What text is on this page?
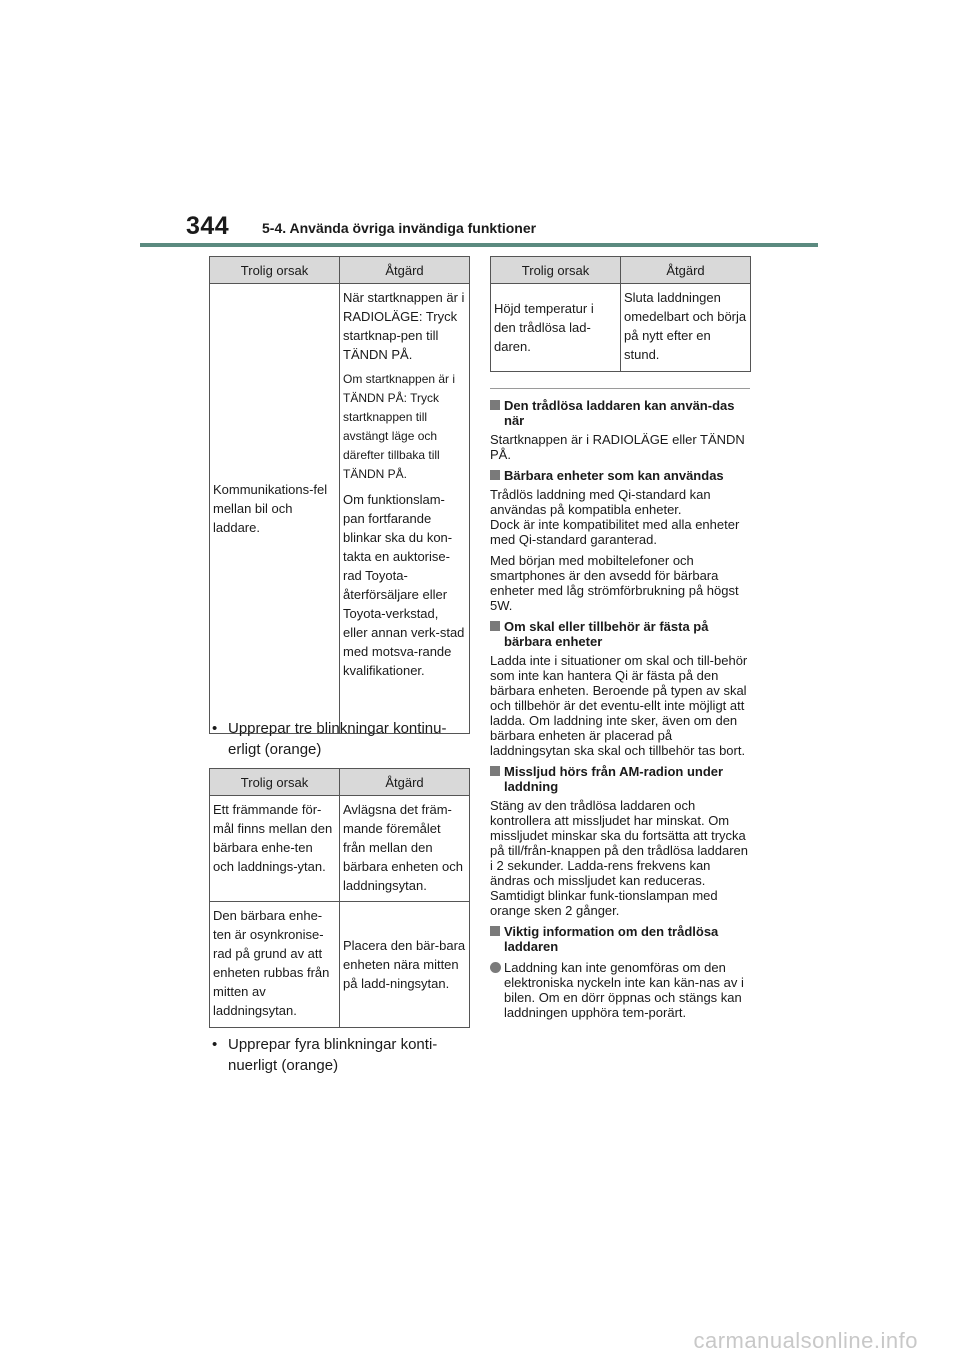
344 5-4. Använda övriga invändiga funktioner
Trolig orsak	Åtgärd
Kommunikations-fel mellan bil och laddare.	När startknappen är i RADIOLÄGE: Tryck startknap-pen till TÄNDN PÅ.
Om startknappen är i TÄNDN PÅ: Tryck startknappen till avstängt läge och därefter tillbaka till TÄNDN PÅ.
Om funktionslam-pan fortfarande blinkar ska du kon-takta en auktorise-rad Toyota-återförsäljare eller Toyota-verkstad, eller annan verk-stad med motsva-rande kvalifikationer.
• Upprepar tre blinkningar kontinu-erligt (orange)
Trolig orsak	Åtgärd
Ett främmande för-mål finns mellan den bärbara enhe-ten och laddnings-ytan.	Avlägsna det främ-mande föremålet från mellan den bärbara enheten och laddningsytan.
Den bärbara enhe-ten är osynkronise-rad på grund av att enheten rubbas från mitten av laddningsytan.	Placera den bär-bara enheten nära mitten på ladd-ningsytan.
• Upprepar fyra blinkningar konti-nuerligt (orange)
Trolig orsak	Åtgärd
Höjd temperatur i den trådlösa lad-daren.	Sluta laddningen omedelbart och börja på nytt efter en stund.
Den trådlösa laddaren kan använ-das när
Startknappen är i RADIOLÄGE eller TÄNDN PÅ.
Bärbara enheter som kan användas
Trådlös laddning med Qi-standard kan användas på kompatibla enheter.
Dock är inte kompatibilitet med alla enheter med Qi-standard garanterad.
Med början med mobiltelefoner och smartphones är den avsedd för bärbara enheter med låg strömförbrukning på högst 5W.
Om skal eller tillbehör är fästa på bärbara enheter
Ladda inte i situationer om skal och till-behör som inte kan hantera Qi är fästa på den bärbara enheten. Beroende på typen av skal och tillbehör är det eventu-ellt inte möjligt att ladda. Om laddning inte sker, även om den bärbara enheten är placerad på laddningsytan ska skal och tillbehör tas bort.
Missljud hörs från AM-radion under laddning
Stäng av den trådlösa laddaren och kontrollera att missljudet har minskat. Om missljudet minskar ska du fortsätta att trycka på till/från-knappen på den trådlösa laddaren i 2 sekunder. Ladda-rens frekvens kan ändras och missljudet kan reduceras. Samtidigt blinkar funk-tionslampan med orange sken 2 gånger.
Viktig information om den trådlösa laddaren
Laddning kan inte genomföras om den elektroniska nyckeln inte kan kän-nas av i bilen. Om en dörr öppnas och stängs kan laddningen upphöra tem-porärt.
carmanualsonline.info
